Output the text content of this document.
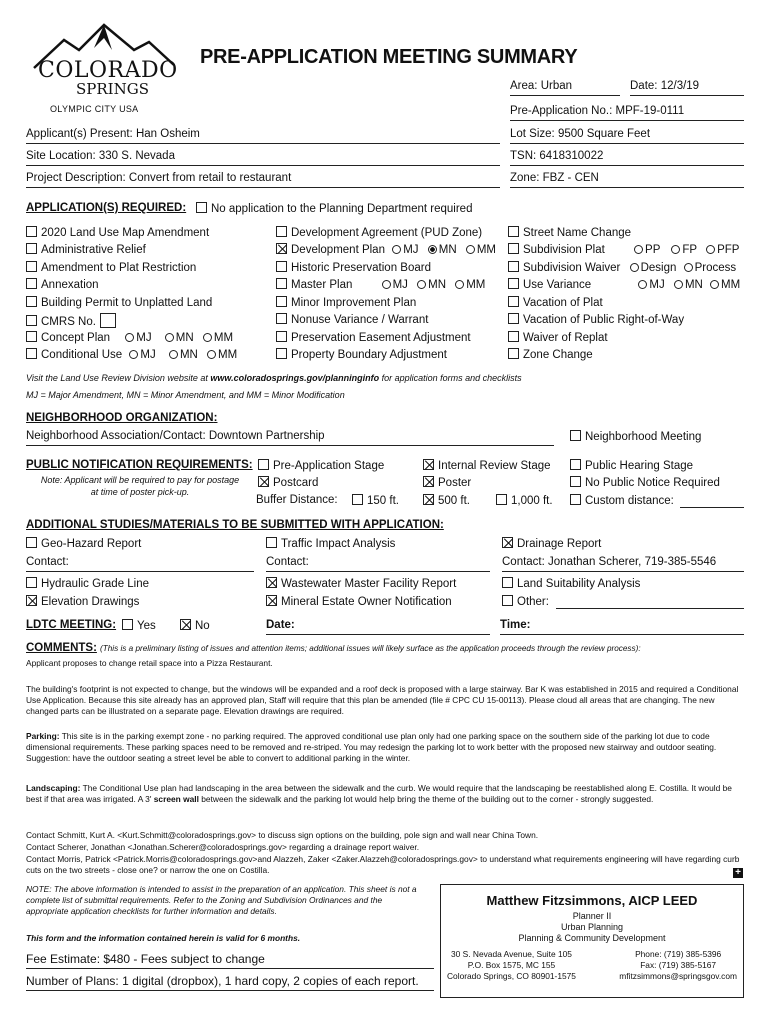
COLORADO
SPRINGS
OLYMPIC CITY USA
PRE-APPLICATION MEETING SUMMARY
Area: Urban	Date: 12/3/19
Pre-Application No.: MPF-19-0111
Applicant(s) Present: Han Osheim	Lot Size: 9500 Square Feet
Site Location: 330 S. Nevada	TSN: 6418310022
Project Description: Convert from retail to restaurant	Zone: FBZ - CEN
APPLICATION(S) REQUIRED:	No application to the Planning Department required
2020 Land Use Map Amendment
Administrative Relief
Amendment to Plat Restriction
Annexation
Building Permit to Unplatted Land
CMRS No.
Concept Plan MJ MN MM
Conditional Use MJ MN MM
Development Agreement (PUD Zone)
Development Plan MJ MN MM
Historic Preservation Board
Master Plan	MJ MN MM
Minor Improvement Plan
Nonuse Variance / Warrant
Preservation Easement Adjustment
Property Boundary Adjustment
Street Name Change
Subdivision Plat	PP FP PFP
Subdivision Waiver Design Process
Use Variance	MJ MN MM
Vacation of Plat
Vacation of Public Right-of-Way
Waiver of Replat
Zone Change
Visit the Land Use Review Division website at www.coloradosprings.gov/planninginfo for application forms and checklists
MJ = Major Amendment, MN = Minor Amendment, and MM = Minor Modification
NEIGHBORHOOD ORGANIZATION:
Neighborhood Association/Contact: Downtown Partnership	Neighborhood Meeting
PUBLIC NOTIFICATION REQUIREMENTS:
Note: Applicant will be required to pay for postage at time of poster pick-up.
Pre-Application Stage	Internal Review Stage	Public Hearing Stage
Postcard	Poster	No Public Notice Required
Buffer Distance:	150 ft.	500 ft.	1,000 ft.	Custom distance:
ADDITIONAL STUDIES/MATERIALS TO BE SUBMITTED WITH APPLICATION:
Geo-Hazard Report	Traffic Impact Analysis	Drainage Report
Contact:	Contact:	Contact: Jonathan Scherer, 719-385-5546
Hydraulic Grade Line	Wastewater Master Facility Report	Land Suitability Analysis
Elevation Drawings	Mineral Estate Owner Notification	Other:
LDTC MEETING:	Yes	No	Date:	Time:
COMMENTS: (This is a preliminary listing of issues and attention items; additional issues will likely surface as the application proceeds through the review process):
Applicant proposes to change retail space into a Pizza Restaurant.
The building's footprint is not expected to change, but the windows will be expanded and a roof deck is proposed with a large stairway. Bar K was established in 2015 and required a Conditional Use Application. Because this site already has an approved plan, Staff will require that this plan be amended (file # CPC CU 15-00113). Please cloud all areas that are changing. The new changed parts can be illustrated on a separate page. Elevation drawings are required.
Parking: This site is in the parking exempt zone - no parking required. The approved conditional use plan only had one parking space on the southern side of the parking lot due to code dimensional requirements. These parking spaces need to be removed and re-striped. You may redesign the parking lot to work better with the proposed new stairway and outdoor seating. Suggestion: have the outdoor seating a street level be able to convert to additional parking in the winter.
Landscaping: The Conditional Use plan had landscaping in the area between the sidewalk and the curb. We would require that the landscaping be reestablished along E. Costilla. It would be best if that area was irrigated. A 3' screen wall between the sidewalk and the parking lot would help bring the theme of the building out to the corner - strongly suggested.
Contact Schmitt, Kurt A. <Kurt.Schmitt@coloradosprings.gov> to discuss sign options on the building, pole sign and wall near China Town.
Contact Scherer, Jonathan <Jonathan.Scherer@coloradosprings.gov> regarding a drainage report waiver.
Contact Morris, Patrick <Patrick.Morris@coloradosprings.gov>and Alazzeh, Zaker <Zaker.Alazzeh@coloradosprings.gov> to understand what requirements engineering will have regarding curb cuts on the two streets - close one? or narrow the one on Costilla.	+
NOTE: The above information is intended to assist in the preparation of an application. This sheet is not a complete list of submittal requirements. Refer to the Zoning and Subdivision Ordinances and the appropriate application checklists for further information and details.
This form and the information contained herein is valid for 6 months.
Fee Estimate: $480 - Fees subject to change
Number of Plans: 1 digital (dropbox), 1 hard copy, 2 copies of each report.
Matthew Fitzsimmons, AICP LEED
Planner II
Urban Planning
Planning & Community Development
30 S. Nevada Avenue, Suite 105
P.O. Box 1575, MC 155
Colorado Springs, CO 80901-1575
Phone: (719) 385-5396
Fax: (719) 385-5167
mfitzsimmons@springsgov.com
